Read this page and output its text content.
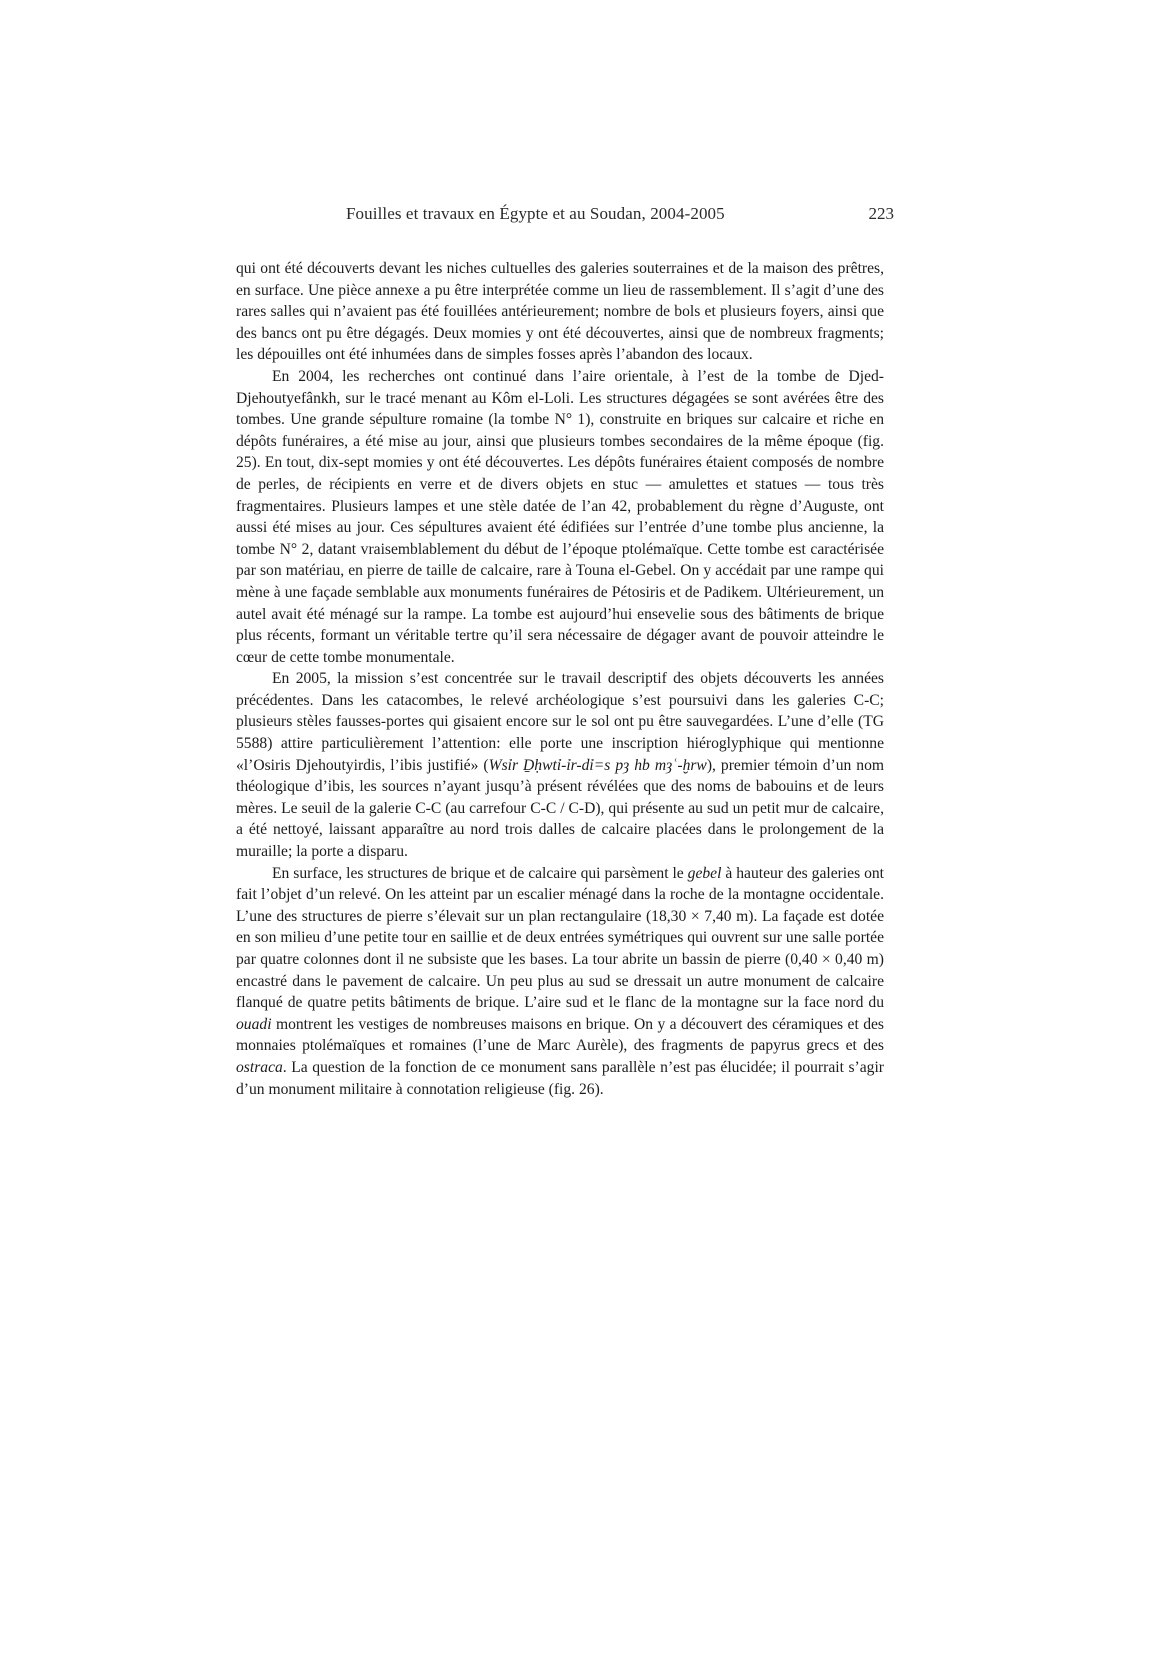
Fouilles et travaux en Égypte et au Soudan, 2004-2005	223

qui ont été découverts devant les niches cultuelles des galeries souterraines et de la maison des prêtres, en surface. Une pièce annexe a pu être interprétée comme un lieu de rassemblement. Il s’agit d’une des rares salles qui n’avaient pas été fouillées antérieurement; nombre de bols et plusieurs foyers, ainsi que des bancs ont pu être dégagés. Deux momies y ont été découvertes, ainsi que de nombreux fragments; les dépouilles ont été inhumées dans de simples fosses après l’abandon des locaux.

En 2004, les recherches ont continué dans l’aire orientale, à l’est de la tombe de Djed-Djehoutyefânkh, sur le tracé menant au Kôm el-Loli. Les structures dégagées se sont avérées être des tombes. Une grande sépulture romaine (la tombe N° 1), construite en briques sur calcaire et riche en dépôts funéraires, a été mise au jour, ainsi que plusieurs tombes secondaires de la même époque (fig. 25). En tout, dix-sept momies y ont été découvertes. Les dépôts funéraires étaient composés de nombre de perles, de récipients en verre et de divers objets en stuc — amulettes et statues — tous très fragmentaires. Plusieurs lampes et une stèle datée de l’an 42, probablement du règne d’Auguste, ont aussi été mises au jour. Ces sépultures avaient été édifiées sur l’entrée d’une tombe plus ancienne, la tombe N° 2, datant vraisemblablement du début de l’époque ptolémaïque. Cette tombe est caractérisée par son matériau, en pierre de taille de calcaire, rare à Touna el-Gebel. On y accédait par une rampe qui mène à une façade semblable aux monuments funéraires de Pétosiris et de Padikem. Ultérieurement, un autel avait été ménagé sur la rampe. La tombe est aujourd’hui ensevelie sous des bâtiments de brique plus récents, formant un véritable tertre qu’il sera nécessaire de dégager avant de pouvoir atteindre le cœur de cette tombe monumentale.

En 2005, la mission s’est concentrée sur le travail descriptif des objets découverts les années précédentes. Dans les catacombes, le relevé archéologique s’est poursuivi dans les galeries C-C; plusieurs stèles fausses-portes qui gisaient encore sur le sol ont pu être sauvegardées. L’une d’elle (TG 5588) attire particulièrement l’attention: elle porte une inscription hiéroglyphique qui mentionne «l’Osiris Djehoutyirdis, l’ibis justifié» (Wsỉr Ḏḥwtỉ-ỉr-dỉ=s pȝ hb mȝʿ-ḫrw), premier témoin d’un nom théologique d’ibis, les sources n’ayant jusqu’à présent révélées que des noms de babouins et de leurs mères. Le seuil de la galerie C-C (au carrefour C-C / C-D), qui présente au sud un petit mur de calcaire, a été nettoyé, laissant apparaître au nord trois dalles de calcaire placées dans le prolongement de la muraille; la porte a disparu.

En surface, les structures de brique et de calcaire qui parsèment le gebel à hauteur des galeries ont fait l’objet d’un relevé. On les atteint par un escalier ménagé dans la roche de la montagne occidentale. L’une des structures de pierre s’élevait sur un plan rectangulaire (18,30 × 7,40 m). La façade est dotée en son milieu d’une petite tour en saillie et de deux entrées symétriques qui ouvrent sur une salle portée par quatre colonnes dont il ne subsiste que les bases. La tour abrite un bassin de pierre (0,40 × 0,40 m) encastré dans le pavement de calcaire. Un peu plus au sud se dressait un autre monument de calcaire flanqué de quatre petits bâtiments de brique. L’aire sud et le flanc de la montagne sur la face nord du ouadi montrent les vestiges de nombreuses maisons en brique. On y a découvert des céramiques et des monnaies ptolémaïques et romaines (l’une de Marc Aurèle), des fragments de papyrus grecs et des ostraca. La question de la fonction de ce monument sans parallèle n’est pas élucidée; il pourrait s’agir d’un monument militaire à connotation religieuse (fig. 26).
